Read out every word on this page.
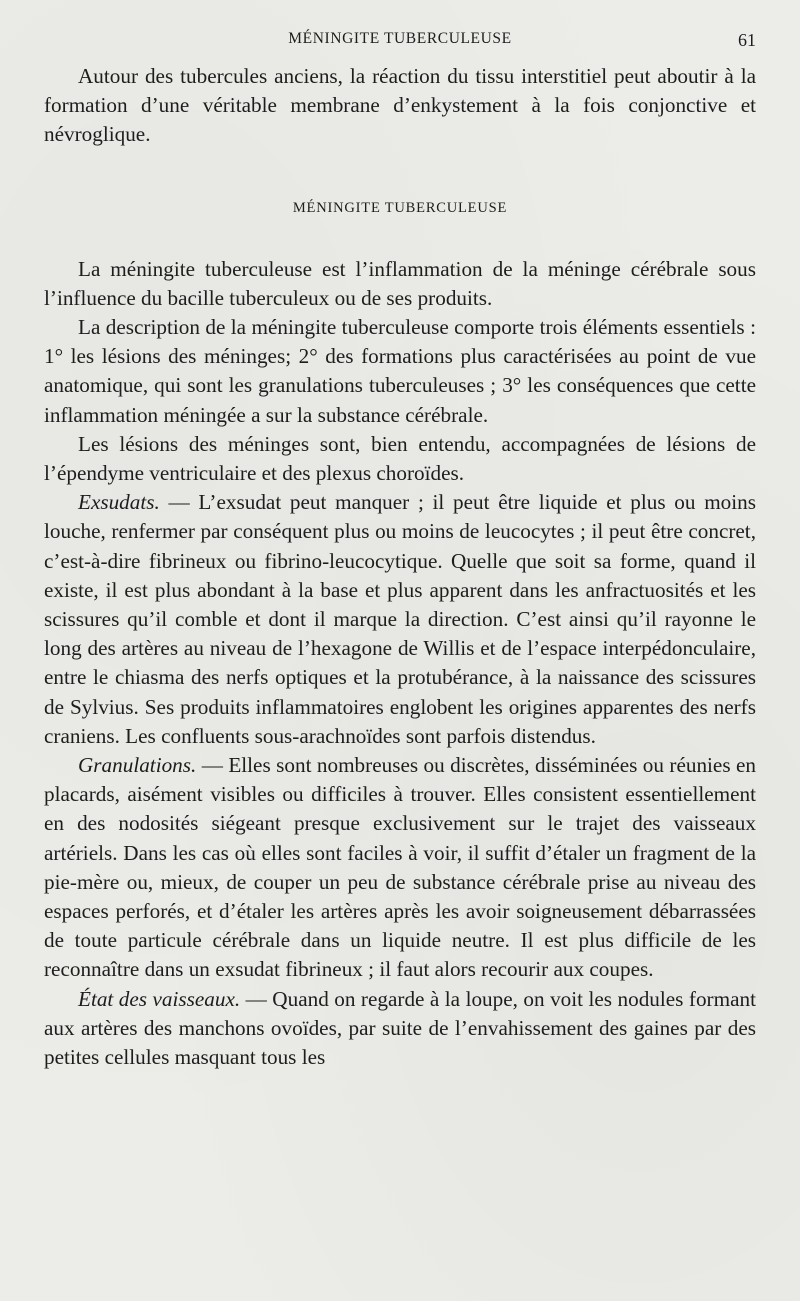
MÉNINGITE TUBERCULEUSE	61

Autour des tubercules anciens, la réaction du tissu interstitiel peut aboutir à la formation d’une véritable membrane d’enkystement à la fois conjonctive et névroglique.

MÉNINGITE TUBERCULEUSE

La méningite tuberculeuse est l’inflammation de la méninge cérébrale sous l’influence du bacille tuberculeux ou de ses produits.

La description de la méningite tuberculeuse comporte trois éléments essentiels : 1° les lésions des méninges; 2° des formations plus caractérisées au point de vue anatomique, qui sont les granulations tuberculeuses ; 3° les conséquences que cette inflammation méningée a sur la substance cérébrale.

Les lésions des méninges sont, bien entendu, accompagnées de lésions de l’épendyme ventriculaire et des plexus choroïdes.

Exsudats. — L’exsudat peut manquer ; il peut être liquide et plus ou moins louche, renfermer par conséquent plus ou moins de leucocytes ; il peut être concret, c’est-à-dire fibrineux ou fibrino-leucocytique. Quelle que soit sa forme, quand il existe, il est plus abondant à la base et plus apparent dans les anfractuosités et les scissures qu’il comble et dont il marque la direction. C’est ainsi qu’il rayonne le long des artères au niveau de l’hexagone de Willis et de l’espace interpédonculaire, entre le chiasma des nerfs optiques et la protubérance, à la naissance des scissures de Sylvius. Ses produits inflammatoires englobent les origines apparentes des nerfs craniens. Les confluents sous-arachnoïdes sont parfois distendus.

Granulations. — Elles sont nombreuses ou discrètes, disséminées ou réunies en placards, aisément visibles ou difficiles à trouver. Elles consistent essentiellement en des nodosités siégeant presque exclusivement sur le trajet des vaisseaux artériels. Dans les cas où elles sont faciles à voir, il suffit d’étaler un fragment de la pie-mère ou, mieux, de couper un peu de substance cérébrale prise au niveau des espaces perforés, et d’étaler les artères après les avoir soigneusement débarrassées de toute particule cérébrale dans un liquide neutre. Il est plus difficile de les reconnaître dans un exsudat fibrineux ; il faut alors recourir aux coupes.

État des vaisseaux. — Quand on regarde à la loupe, on voit les nodules formant aux artères des manchons ovoïdes, par suite de l’envahissement des gaines par des petites cellules masquant tous les
